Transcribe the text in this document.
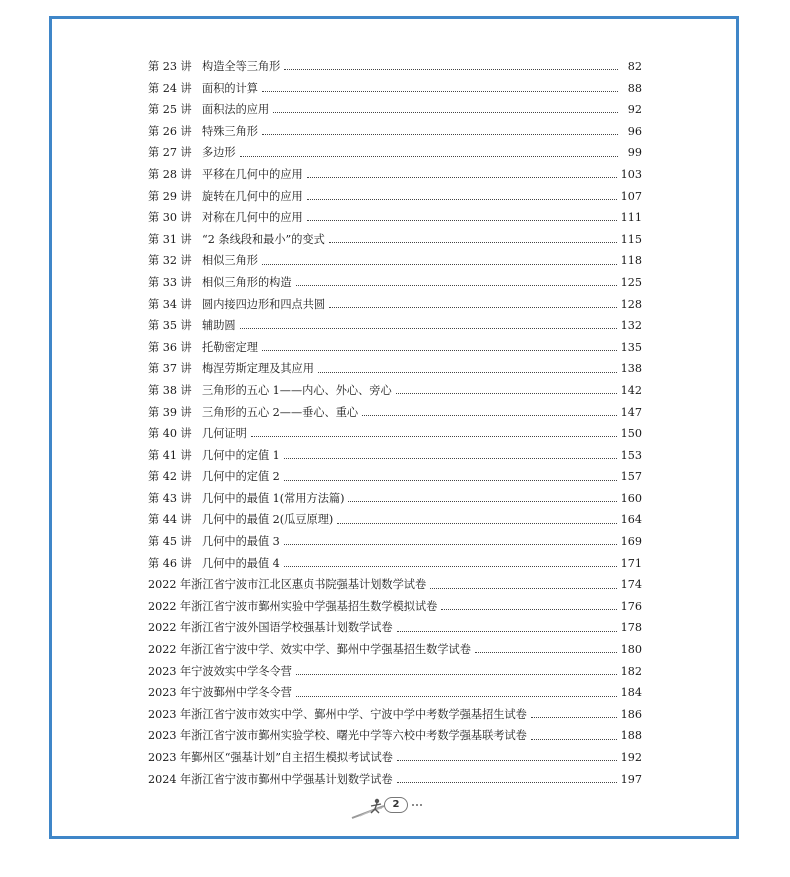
第 23 讲 构造全等三角形	82
第 24 讲 面积的计算	88
第 25 讲 面积法的应用	92
第 26 讲 特殊三角形	96
第 27 讲 多边形	99
第 28 讲 平移在几何中的应用	103
第 29 讲 旋转在几何中的应用	107
第 30 讲 对称在几何中的应用	111
第 31 讲 “2 条线段和最小”的变式	115
第 32 讲 相似三角形	118
第 33 讲 相似三角形的构造	125
第 34 讲 圆内接四边形和四点共圆	128
第 35 讲 辅助圆	132
第 36 讲 托勒密定理	135
第 37 讲 梅涅劳斯定理及其应用	138
第 38 讲 三角形的五心 1——内心、外心、旁心	142
第 39 讲 三角形的五心 2——垂心、重心	147
第 40 讲 几何证明	150
第 41 讲 几何中的定值 1	153
第 42 讲 几何中的定值 2	157
第 43 讲 几何中的最值 1(常用方法篇)	160
第 44 讲 几何中的最值 2(瓜豆原理)	164
第 45 讲 几何中的最值 3	169
第 46 讲 几何中的最值 4	171
2022 年浙江省宁波市江北区惠贞书院强基计划数学试卷	174
2022 年浙江省宁波市鄞州实验中学强基招生数学模拟试卷	176
2022 年浙江省宁波外国语学校强基计划数学试卷	178
2022 年浙江省宁波中学、效实中学、鄞州中学强基招生数学试卷	180
2023 年宁波效实中学冬令营	182
2023 年宁波鄞州中学冬令营	184
2023 年浙江省宁波市效实中学、鄞州中学、宁波中学中考数学强基招生试卷	186
2023 年浙江省宁波市鄞州实验学校、曙光中学等六校中考数学强基联考试卷	188
2023 年鄞州区“强基计划”自主招生模拟考试试卷	192
2024 年浙江省宁波市鄞州中学强基计划数学试卷	197
2
